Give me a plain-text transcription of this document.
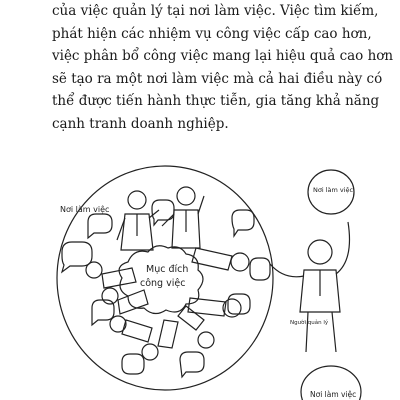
của việc quản lý tại nơi làm việc. Việc tìm kiếm,
phát hiện các nhiệm vụ công việc cấp cao hơn,
việc phân bổ công việc mang lại hiệu quả cao hơn
sẽ tạo ra một nơi làm việc mà cả hai điều này có
thể được tiến hành thực tiễn, gia tăng khả năng
cạnh tranh doanh nghiệp.
Nơi làm việc
Nơi làm việc
Nơi làm việc
Mục đích
công việc
Người quản lý
